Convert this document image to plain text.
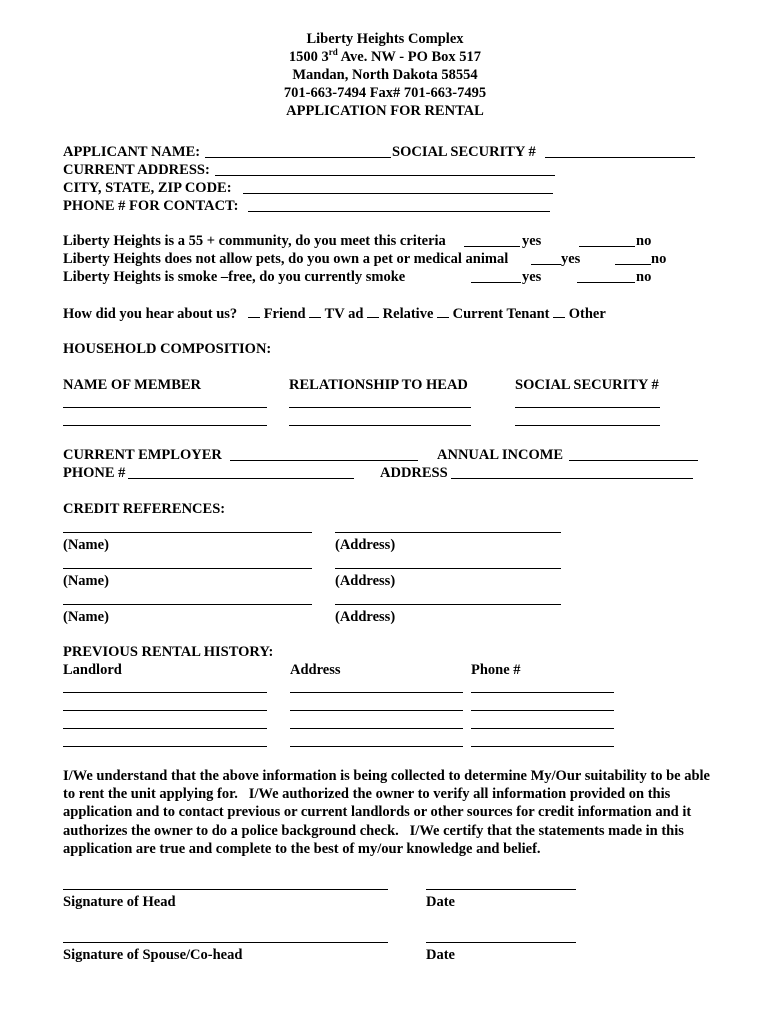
Liberty Heights Complex
1500 3rd Ave. NW - PO Box 517
Mandan, North Dakota 58554
701-663-7494 Fax# 701-663-7495
APPLICATION FOR RENTAL
APPLICANT NAME:	SOCIAL SECURITY #
CURRENT ADDRESS:
CITY, STATE, ZIP CODE:
PHONE # FOR CONTACT:
Liberty Heights is a 55 + community, do you meet this criteria	yes	no
Liberty Heights does not allow pets, do you own a pet or medical animal	yes	no
Liberty Heights is smoke –free, do you currently smoke	yes	no
How did you hear about us? Friend TV ad Relative Current Tenant Other
HOUSEHOLD COMPOSITION:
NAME OF MEMBER	RELATIONSHIP TO HEAD	SOCIAL SECURITY #
CURRENT EMPLOYER	ANNUAL INCOME
PHONE #	ADDRESS
CREDIT REFERENCES:
(Name)	(Address)
(Name)	(Address)
(Name)	(Address)
PREVIOUS RENTAL HISTORY:
Landlord	Address	Phone #
I/We understand that the above information is being collected to determine My/Our suitability to be able to rent the unit applying for.   I/We authorized the owner to verify all information provided on this application and to contact previous or current landlords or other sources for credit information and it authorizes the owner to do a police background check.   I/We certify that the statements made in this application are true and complete to the best of my/our knowledge and belief.
Signature of Head	Date
Signature of Spouse/Co-head	Date
